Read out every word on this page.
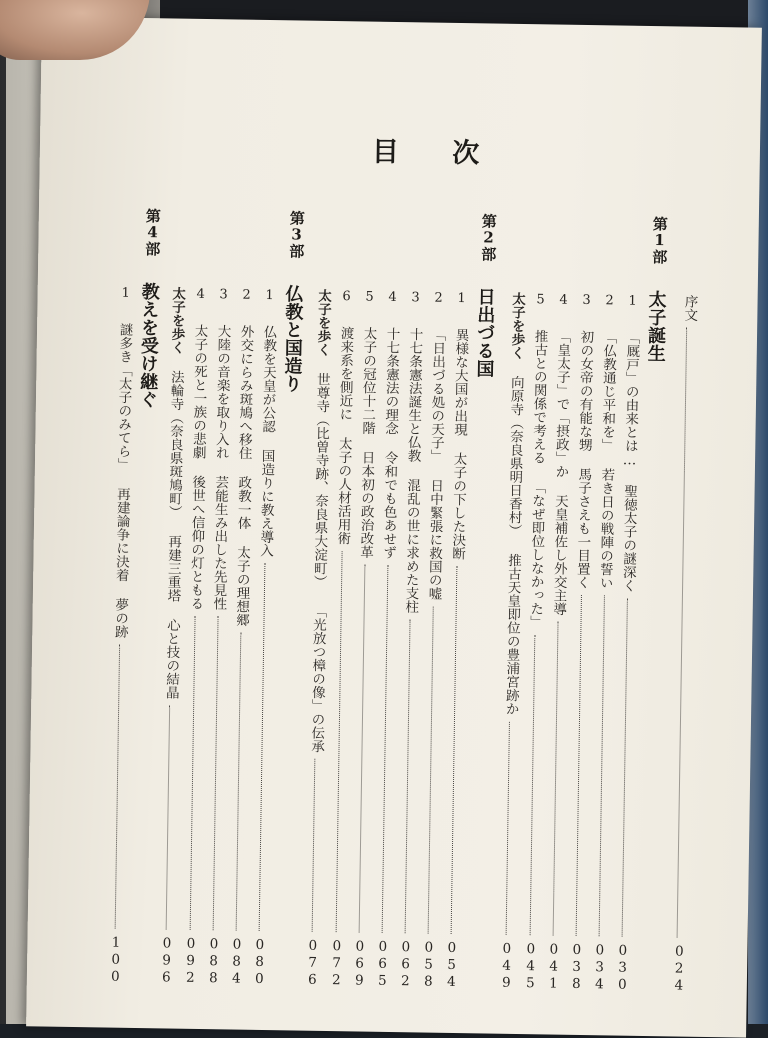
目 次
序文
024
第1部
太子誕生
1 「厩戸」の由来とは… 聖徳太子の謎深く
030
2 「仏教通じ平和を」 若き日の戦陣の誓い
034
3 初の女帝の有能な甥 馬子さえも一目置く
038
4 「皇太子」で「摂政」か 天皇補佐し外交主導
041
5 推古との関係で考える 「なぜ即位しなかった」
045
太子を歩く 向原寺（奈良県明日香村） 推古天皇即位の豊浦宮跡か
049
第2部
日出づる国
1 異様な大国が出現 太子の下した決断
054
2 「日出づる処の天子」 日中緊張に救国の嘘
058
3 十七条憲法誕生と仏教 混乱の世に求めた支柱
062
4 十七条憲法の理念 令和でも色あせず
065
5 太子の冠位十二階 日本初の政治改革
069
6 渡来系を側近に 太子の人材活用術
072
太子を歩く 世尊寺（比曽寺跡、奈良県大淀町） 「光放つ樟の像」の伝承
076
第3部
仏教と国造り
1 仏教を天皇が公認 国造りに教え導入
080
2 外交にらみ斑鳩へ移住 政教一体 太子の理想郷
084
3 大陸の音楽を取り入れ 芸能生み出した先見性
088
4 太子の死と一族の悲劇 後世へ信仰の灯ともる
092
太子を歩く 法輪寺（奈良県斑鳩町） 再建三重塔 心と技の結晶
096
第4部
教えを受け継ぐ
1 謎多き「太子のみてら」 再建論争に決着 夢の跡
100
